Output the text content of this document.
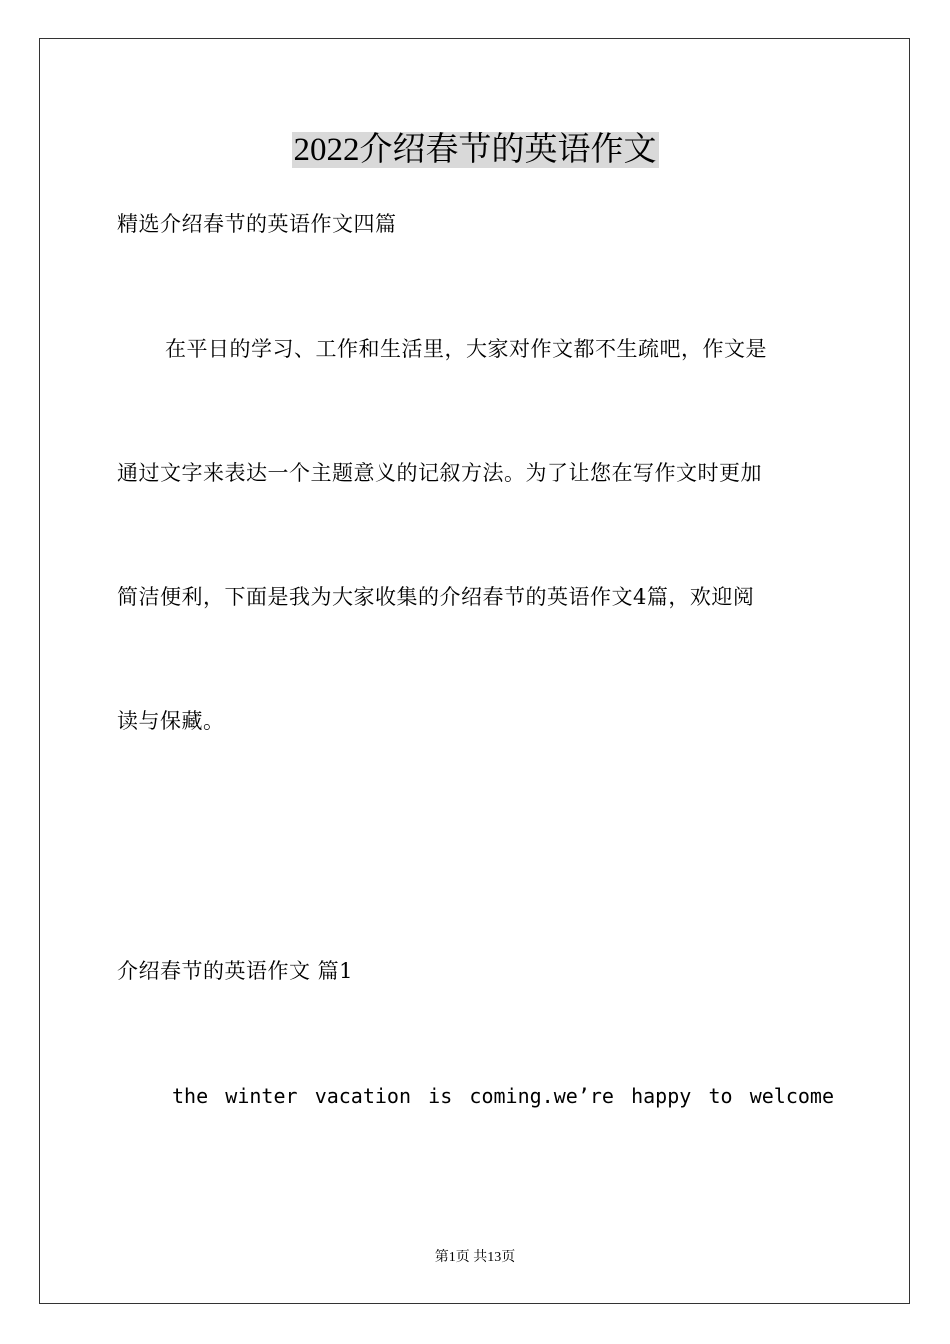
2022介绍春节的英语作文
精选介绍春节的英语作文四篇
在平日的学习、工作和生活里，大家对作文都不生疏吧，作文是
通过文字来表达一个主题意义的记叙方法。为了让您在写作文时更加
简洁便利，下面是我为大家收集的介绍春节的英语作文4篇，欢迎阅
读与保藏。
介绍春节的英语作文 篇1
the winter vacation is coming.we’re happy to welcome
第1页 共13页
